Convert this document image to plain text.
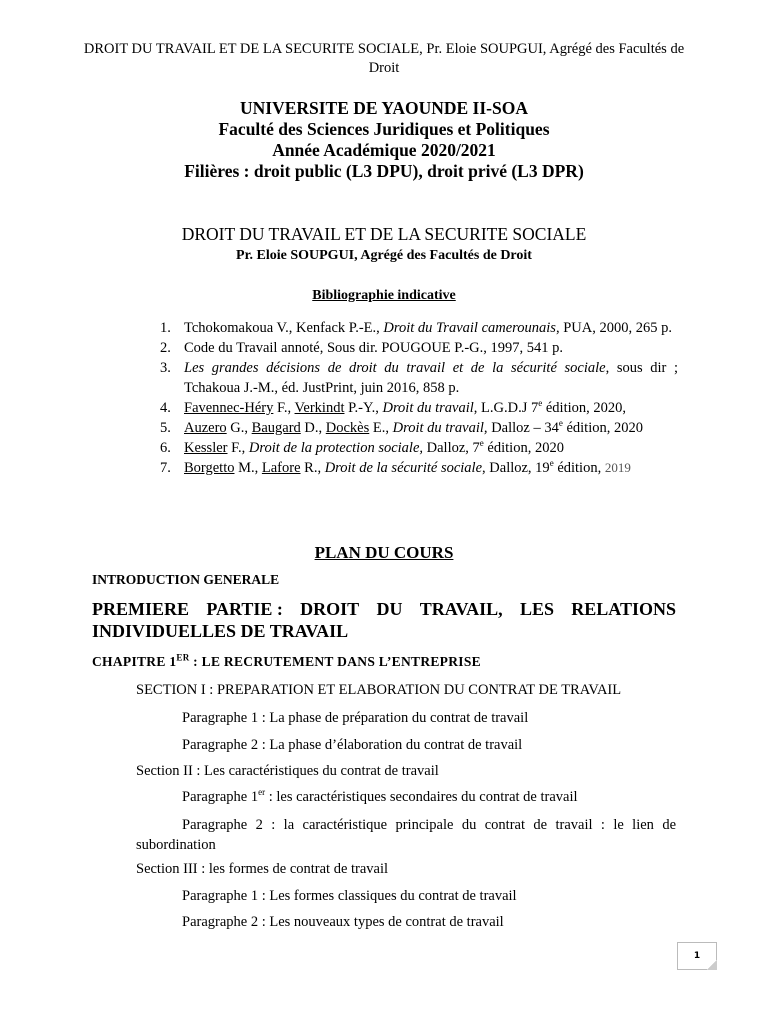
DROIT DU TRAVAIL ET DE LA SECURITE SOCIALE, Pr. Eloie SOUPGUI, Agrégé des Facultés de Droit
UNIVERSITE DE YAOUNDE II-SOA
Faculté des Sciences Juridiques et Politiques
Année Académique 2020/2021
Filières : droit public (L3 DPU), droit privé (L3 DPR)
DROIT DU TRAVAIL ET DE LA SECURITE SOCIALE
Pr. Eloie SOUPGUI, Agrégé des Facultés de Droit
Bibliographie indicative
1. Tchokomakoua V., Kenfack P.-E., Droit du Travail camerounais, PUA, 2000, 265 p.
2. Code du Travail annoté, Sous dir. POUGOUE P.-G., 1997, 541 p.
3. Les grandes décisions de droit du travail et de la sécurité sociale, sous dir ; Tchakoua J.-M., éd. JustPrint, juin 2016, 858 p.
4. Favennec-Héry F., Verkindt P.-Y., Droit du travail, L.G.D.J 7e édition, 2020,
5. Auzero G., Baugard D., Dockès E., Droit du travail, Dalloz – 34e édition, 2020
6. Kessler F., Droit de la protection sociale, Dalloz, 7e édition, 2020
7. Borgetto M., Lafore R., Droit de la sécurité sociale, Dalloz, 19e édition, 2019
PLAN DU COURS
INTRODUCTION GENERALE
PREMIERE PARTIE : DROIT DU TRAVAIL, LES RELATIONS
INDIVIDUELLES DE TRAVAIL
CHAPITRE 1ER : LE RECRUTEMENT DANS L’ENTREPRISE
SECTION I : PREPARATION ET ELABORATION DU CONTRAT DE TRAVAIL
Paragraphe 1 : La phase de préparation du contrat de travail
Paragraphe 2 : La phase d’élaboration du contrat de travail
Section II : Les caractéristiques du contrat de travail
Paragraphe 1er : les caractéristiques secondaires du contrat de travail
Paragraphe 2 : la caractéristique principale du contrat de travail : le lien de subordination
Section III : les formes de contrat de travail
Paragraphe 1 : Les formes classiques du contrat de travail
Paragraphe 2 : Les nouveaux types de contrat de travail
1
